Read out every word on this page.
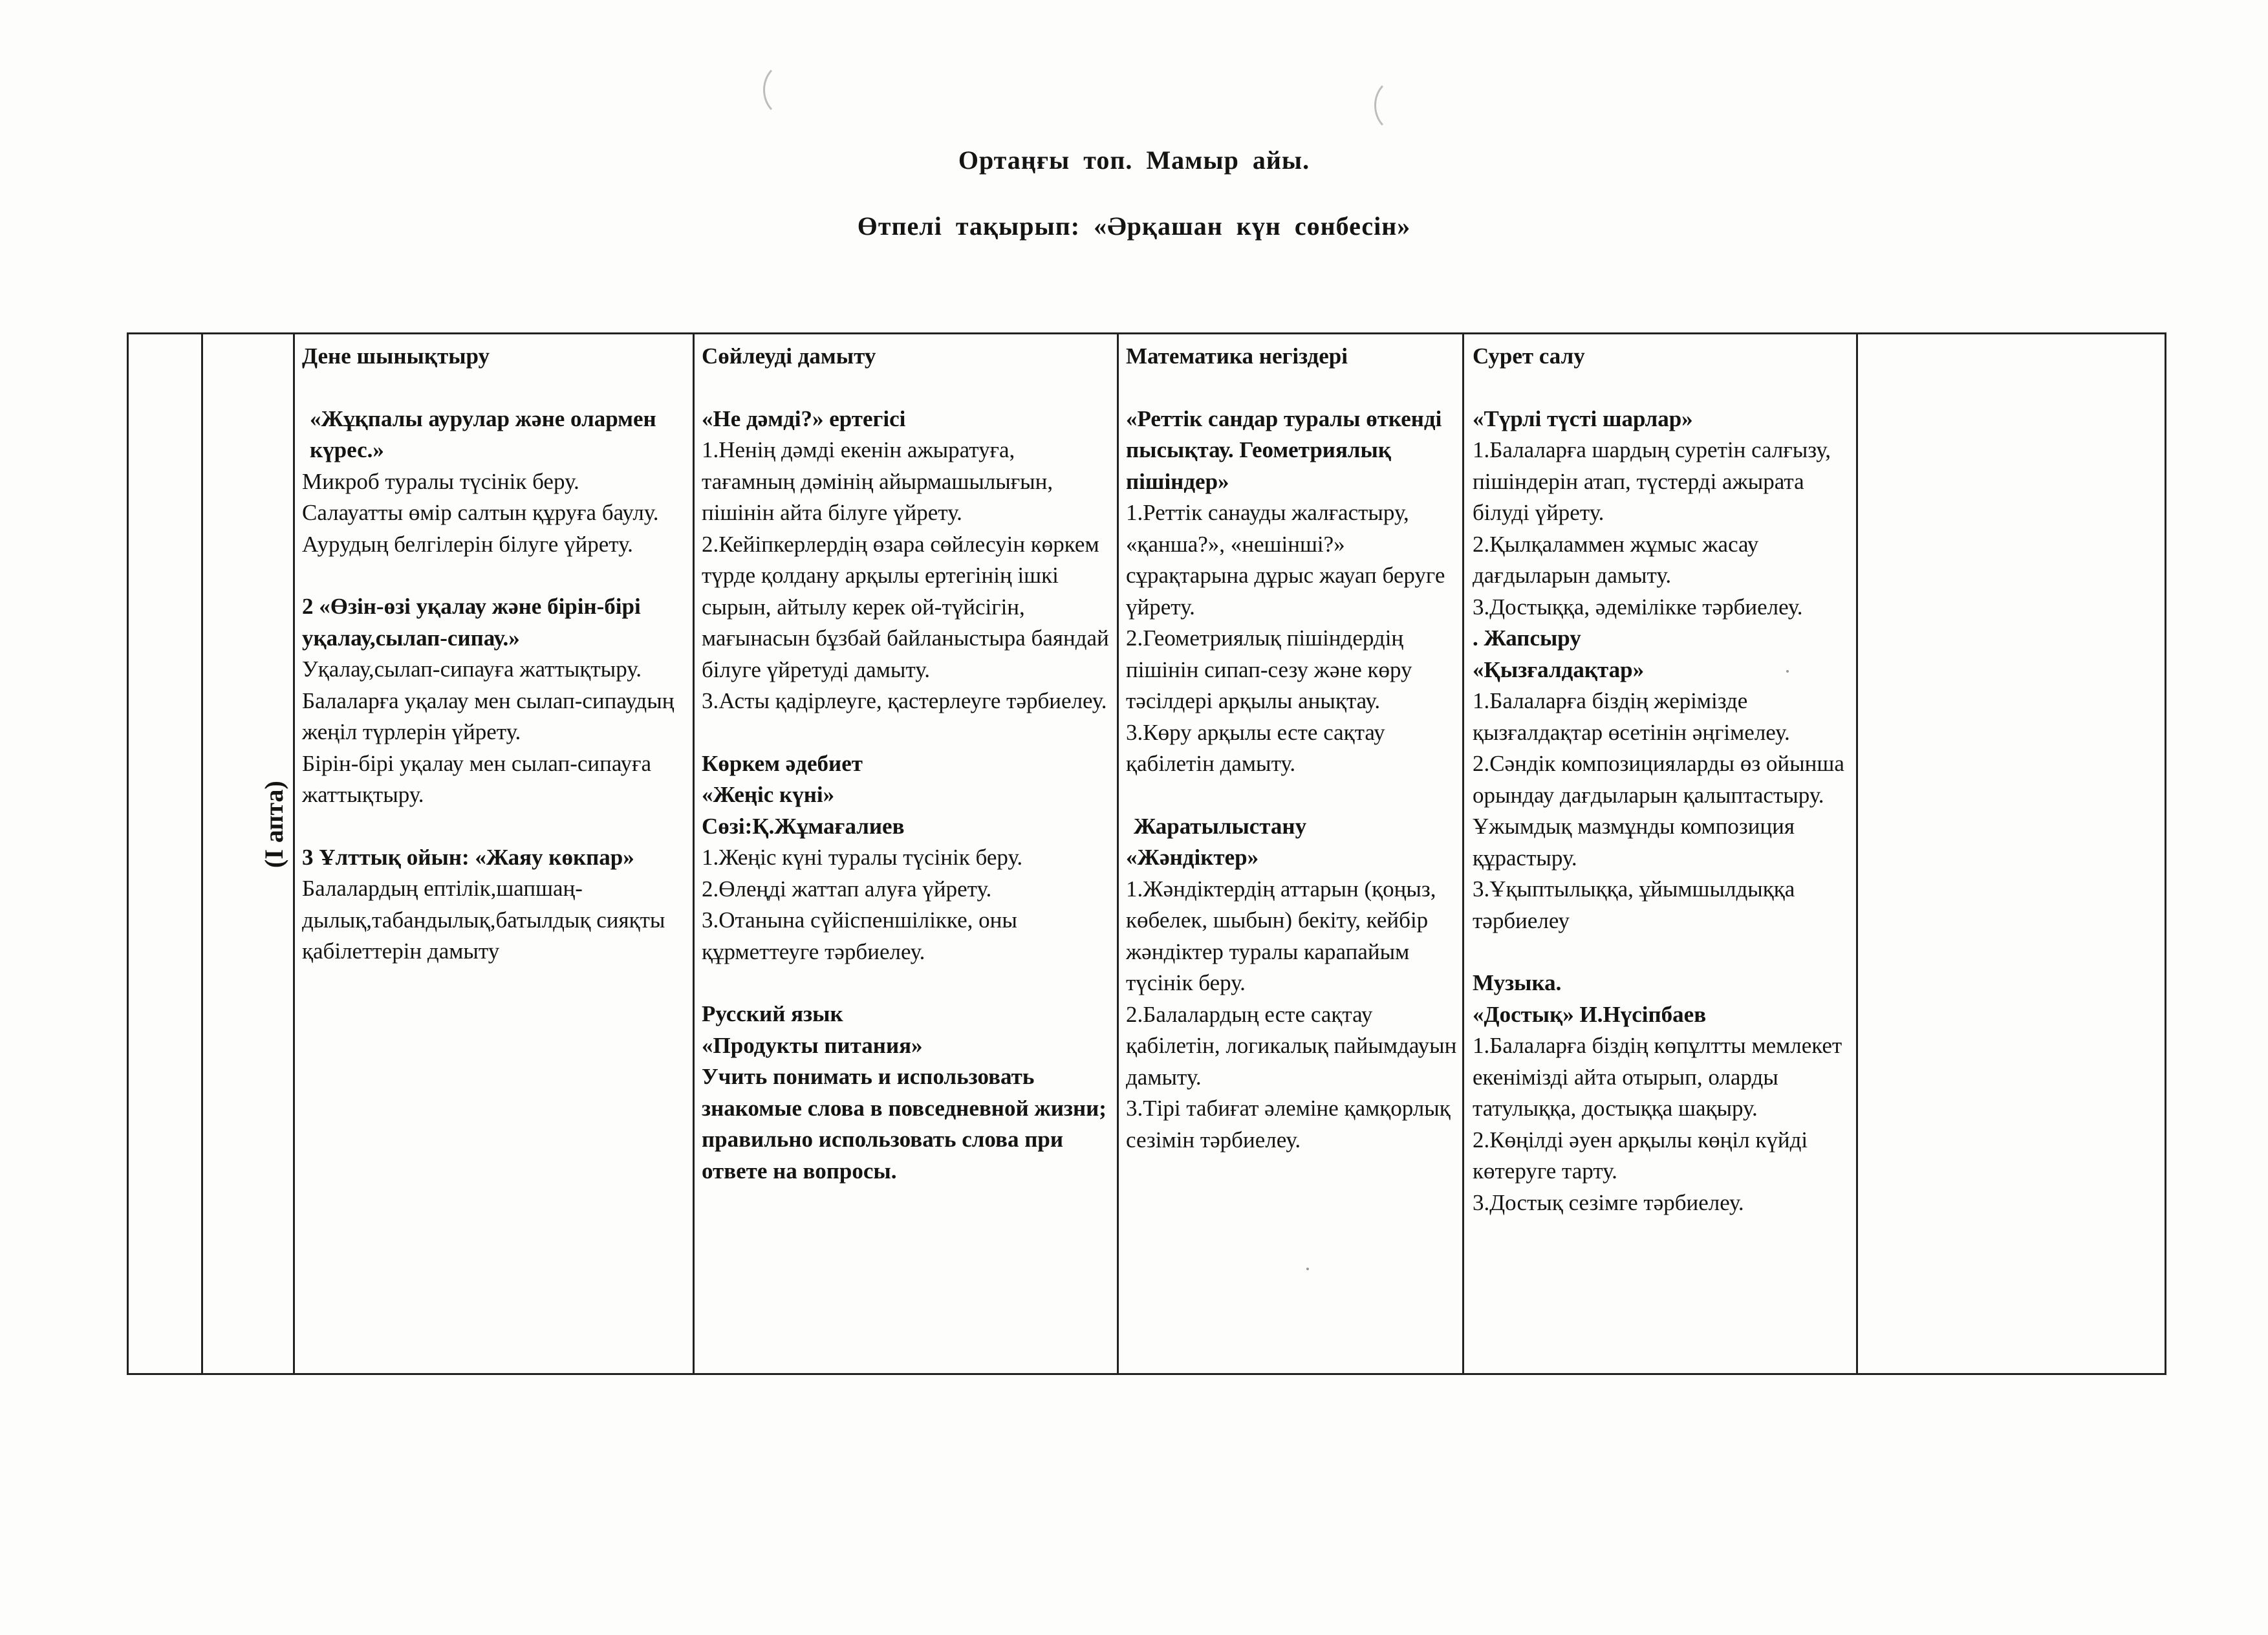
Ортаңғы топ. Мамыр айы.
Өтпелі тақырып: «Әрқашан күн сөнбесін»

Дене шынықтыру

«Жұқпалы аурулар және олармен күрес.»

Микроб туралы түсінік беру.

Салауатты өмір салтын құруға баулу.

Аурудың белгілерін білуге үйрету.

2 «Өзін-өзі уқалау және бірін-бірі уқалау,сылап-сипау.»

Уқалау,сылап-сипауға жаттықтыру.

Балаларға уқалау мен сылап-сипаудың жеңіл түрлерін үйрету.

Бірін-бірі уқалау мен сылап-сипауға жаттықтыру.

3 Ұлттық ойын: «Жаяу көкпар»

Балалардың ептілік,шапшаң-дылық,табандылық,батылдық сияқты қабілеттерін дамыту

Сөйлеуді дамыту

«Не дәмді?» ертегісі

1.Ненің дәмді екенін ажыратуға, тағамның дәмінің айырмашылығын, пішінін айта білуге үйрету.

2.Кейіпкерлердің өзара сөйлесуін көркем түрде қолдану арқылы ертегінің ішкі сырын, айтылу керек ой-түйсігін, мағынасын бұзбай байланыстыра баяндай білуге үйретуді дамыту.

3.Асты қадірлеуге, қастерлеуге тәрбиелеу.

Көркем әдебиет

«Жеңіс күні»

Сөзі:Қ.Жұмағалиев

1.Жеңіс күні туралы түсінік беру.

2.Өлеңді жаттап алуға үйрету.

3.Отанына сүйіспеншілікке, оны құрметтеуге тәрбиелеу.

Русский язык

«Продукты питания»

Учить понимать и использовать знакомые слова в повседневной жизни; правильно использовать слова при ответе на вопросы.

Математика негіздері

«Реттік сандар туралы өткенді пысықтау. Геометриялық пішіндер»

1.Реттік санауды жалғастыру, «қанша?», «нешінші?» сұрақтарына дұрыс жауап беруге үйрету.

2.Геометриялық пішіндердің пішінін сипап-сезу және көру тәсілдері арқылы анықтау.

3.Көру арқылы есте сақтау қабілетін дамыту.

Жаратылыстану

«Жәндіктер»

1.Жәндіктердің аттарын (қоңыз, көбелек, шыбын) бекіту, кейбір жәндіктер туралы карапайым түсінік беру.

2.Балалардың есте сақтау қабілетін, логикалық пайымдауын дамыту.

3.Тірі табиғат әлеміне қамқорлық сезімін тәрбиелеу.

Сурет салу

«Түрлі түсті шарлар»

1.Балаларға шардың суретін салғызу, пішіндерін атап, түстерді ажырата білуді үйрету.

2.Қылқаламмен жұмыс жасау дағдыларын дамыту.

3.Достыққа, әдемілікке тәрбиелеу.

. Жапсыру

«Қызғалдақтар»

1.Балаларға біздің жерімізде қызғалдақтар өсетінін әңгімелеу.

2.Сәндік композицияларды өз ойынша орындау дағдыларын қалыптастыру. Ұжымдық мазмұнды композиция құрастыру.

3.Ұқыптылыққа, ұйымшылдыққа тәрбиелеу

Музыка.

«Достық» И.Нүсіпбаев

1.Балаларға біздің көпұлтты мемлекет екенімізді айта отырып, оларды татулыққа, достыққа шақыру.

2.Көңілді әуен арқылы көңіл күйді көтеруге тарту.

3.Достық сезімге тәрбиелеу.

(I апта)
